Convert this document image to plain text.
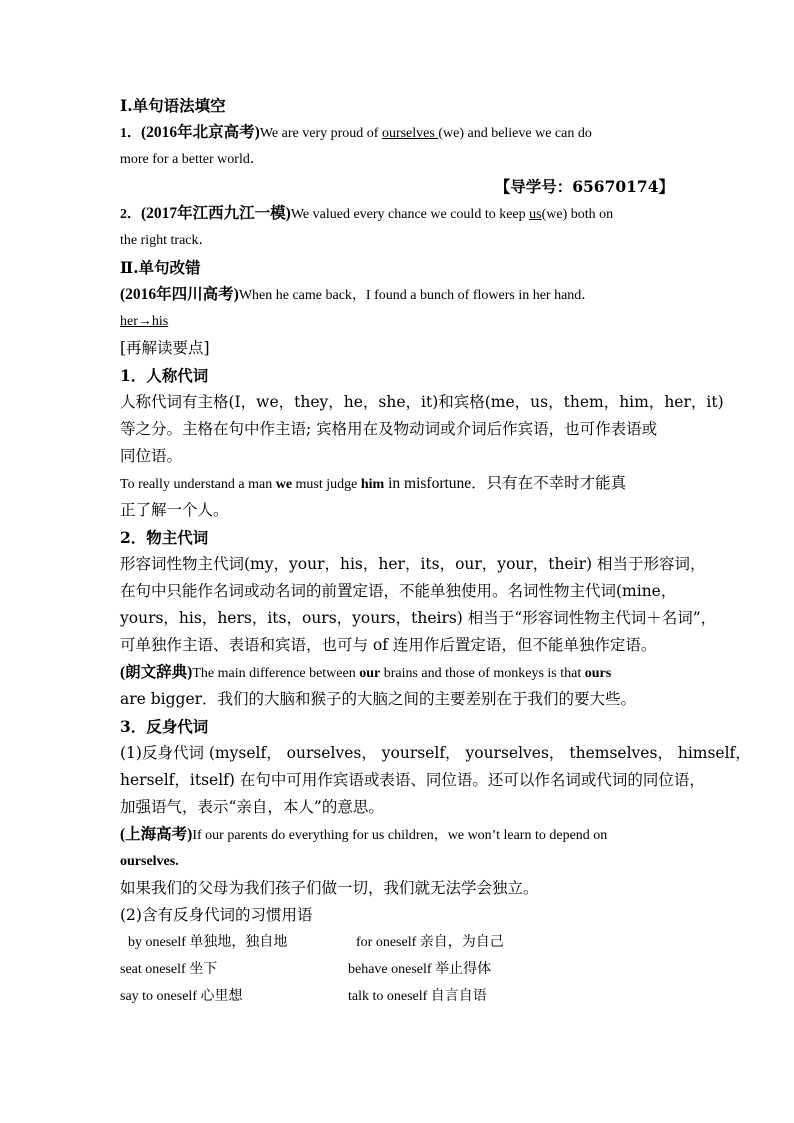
Ⅰ.单句语法填空
1．(2016年北京高考)We are very proud of ourselves (we) and believe we can do
more for a better world．
【导学号：65670174】
2．(2017年江西九江一模)We valued every chance we could to keep us(we) both on
the right track．
Ⅱ.单句改错
(2016年四川高考)When he came back，I found a bunch of flowers in her hand．
her→his
[再解读要点]
1．人称代词
人称代词有主格(I，we，they，he，she，it)和宾格(me，us，them，him，her，it)
等之分。主格在句中作主语; 宾格用在及物动词或介词后作宾语，也可作表语或
同位语。
To really understand a man we must judge him in misfortune．只有在不幸时才能真
正了解一个人。
2．物主代词
形容词性物主代词(my，your，his，her，its，our，your，their) 相当于形容词，
在句中只能作名词或动名词的前置定语，不能单独使用。名词性物主代词(mine，
yours，his，hers，its，ours，yours，theirs) 相当于“形容词性物主代词＋名词”，
可单独作主语、表语和宾语，也可与 of 连用作后置定语，但不能单独作定语。
(朗文辞典)The main difference between our brains and those of monkeys is that ours
are bigger．我们的大脑和猴子的大脑之间的主要差别在于我们的要大些。
3．反身代词
(1)反身代词 (myself， ourselves， yourself， yourselves， themselves， himself，
herself，itself) 在句中可用作宾语或表语、同位语。还可以作名词或代词的同位语，
加强语气，表示“亲自，本人”的意思。
(上海高考)If our parents do everything for us children，we won’t learn to depend on
ourselves.
如果我们的父母为我们孩子们做一切，我们就无法学会独立。
(2)含有反身代词的习惯用语
by oneself 单独地，独自地	for oneself 亲自，为自己
seat oneself 坐下	behave oneself 举止得体
say to oneself 心里想	talk to oneself 自言自语
